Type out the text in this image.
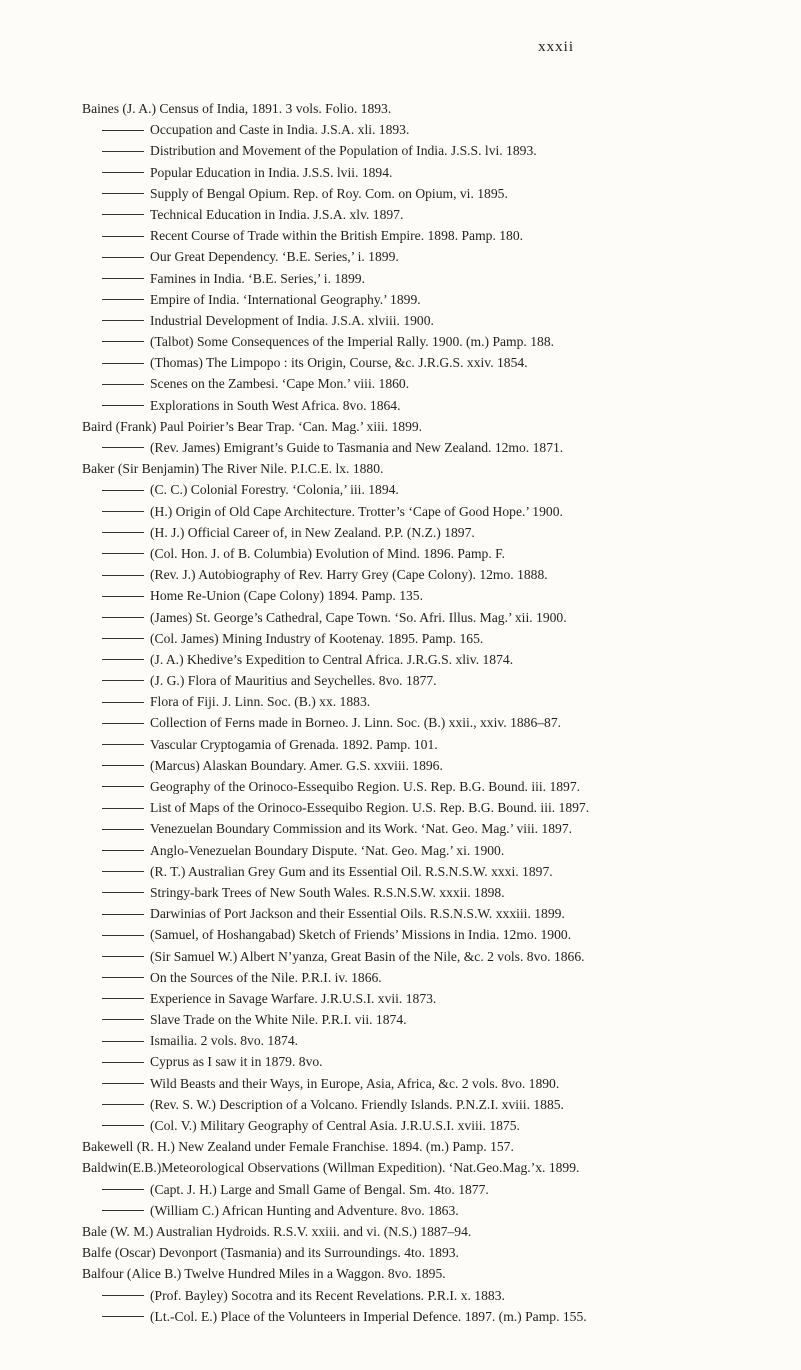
xxxii
Baines (J. A.) Census of India, 1891. 3 vols. Folio. 1893.
Occupation and Caste in India. J.S.A. xli. 1893.
Distribution and Movement of the Population of India. J.S.S. lvi. 1893.
Popular Education in India. J.S.S. lvii. 1894.
Supply of Bengal Opium. Rep. of Roy. Com. on Opium, vi. 1895.
Technical Education in India. J.S.A. xlv. 1897.
Recent Course of Trade within the British Empire. 1898. Pamp. 180.
Our Great Dependency. ‘B.E. Series,’ i. 1899.
Famines in India. ‘B.E. Series,’ i. 1899.
Empire of India. ‘International Geography.’ 1899.
Industrial Development of India. J.S.A. xlviii. 1900.
(Talbot) Some Consequences of the Imperial Rally. 1900. (m.) Pamp. 188.
(Thomas) The Limpopo : its Origin, Course, &c. J.R.G.S. xxiv. 1854.
Scenes on the Zambesi. ‘Cape Mon.’ viii. 1860.
Explorations in South West Africa. 8vo. 1864.
Baird (Frank) Paul Poirier’s Bear Trap. ‘Can. Mag.’ xiii. 1899.
(Rev. James) Emigrant’s Guide to Tasmania and New Zealand. 12mo. 1871.
Baker (Sir Benjamin) The River Nile. P.I.C.E. lx. 1880.
(C. C.) Colonial Forestry. ‘Colonia,’ iii. 1894.
(H.) Origin of Old Cape Architecture. Trotter’s ‘Cape of Good Hope.’ 1900.
(H. J.) Official Career of, in New Zealand. P.P. (N.Z.) 1897.
(Col. Hon. J. of B. Columbia) Evolution of Mind. 1896. Pamp. F.
(Rev. J.) Autobiography of Rev. Harry Grey (Cape Colony). 12mo. 1888.
Home Re-Union (Cape Colony) 1894. Pamp. 135.
(James) St. George’s Cathedral, Cape Town. ‘So. Afri. Illus. Mag.’ xii. 1900.
(Col. James) Mining Industry of Kootenay. 1895. Pamp. 165.
(J. A.) Khedive’s Expedition to Central Africa. J.R.G.S. xliv. 1874.
(J. G.) Flora of Mauritius and Seychelles. 8vo. 1877.
Flora of Fiji. J. Linn. Soc. (B.) xx. 1883.
Collection of Ferns made in Borneo. J. Linn. Soc. (B.) xxii., xxiv. 1886–87.
Vascular Cryptogamia of Grenada. 1892. Pamp. 101.
(Marcus) Alaskan Boundary. Amer. G.S. xxviii. 1896.
Geography of the Orinoco-Essequibo Region. U.S. Rep. B.G. Bound. iii. 1897.
List of Maps of the Orinoco-Essequibo Region. U.S. Rep. B.G. Bound. iii. 1897.
Venezuelan Boundary Commission and its Work. ‘Nat. Geo. Mag.’ viii. 1897.
Anglo-Venezuelan Boundary Dispute. ‘Nat. Geo. Mag.’ xi. 1900.
(R. T.) Australian Grey Gum and its Essential Oil. R.S.N.S.W. xxxi. 1897.
Stringy-bark Trees of New South Wales. R.S.N.S.W. xxxii. 1898.
Darwinias of Port Jackson and their Essential Oils. R.S.N.S.W. xxxiii. 1899.
(Samuel, of Hoshangabad) Sketch of Friends’ Missions in India. 12mo. 1900.
(Sir Samuel W.) Albert N’yanza, Great Basin of the Nile, &c. 2 vols. 8vo. 1866.
On the Sources of the Nile. P.R.I. iv. 1866.
Experience in Savage Warfare. J.R.U.S.I. xvii. 1873.
Slave Trade on the White Nile. P.R.I. vii. 1874.
Ismailia. 2 vols. 8vo. 1874.
Cyprus as I saw it in 1879. 8vo.
Wild Beasts and their Ways, in Europe, Asia, Africa, &c. 2 vols. 8vo. 1890.
(Rev. S. W.) Description of a Volcano. Friendly Islands. P.N.Z.I. xviii. 1885.
(Col. V.) Military Geography of Central Asia. J.R.U.S.I. xviii. 1875.
Bakewell (R. H.) New Zealand under Female Franchise. 1894. (m.) Pamp. 157.
Baldwin(E.B.)Meteorological Observations (Willman Expedition). ‘Nat.Geo.Mag.’x. 1899.
(Capt. J. H.) Large and Small Game of Bengal. Sm. 4to. 1877.
(William C.) African Hunting and Adventure. 8vo. 1863.
Bale (W. M.) Australian Hydroids. R.S.V. xxiii. and vi. (N.S.) 1887–94.
Balfe (Oscar) Devonport (Tasmania) and its Surroundings. 4to. 1893.
Balfour (Alice B.) Twelve Hundred Miles in a Waggon. 8vo. 1895.
(Prof. Bayley) Socotra and its Recent Revelations. P.R.I. x. 1883.
(Lt.-Col. E.) Place of the Volunteers in Imperial Defence. 1897. (m.) Pamp. 155.
